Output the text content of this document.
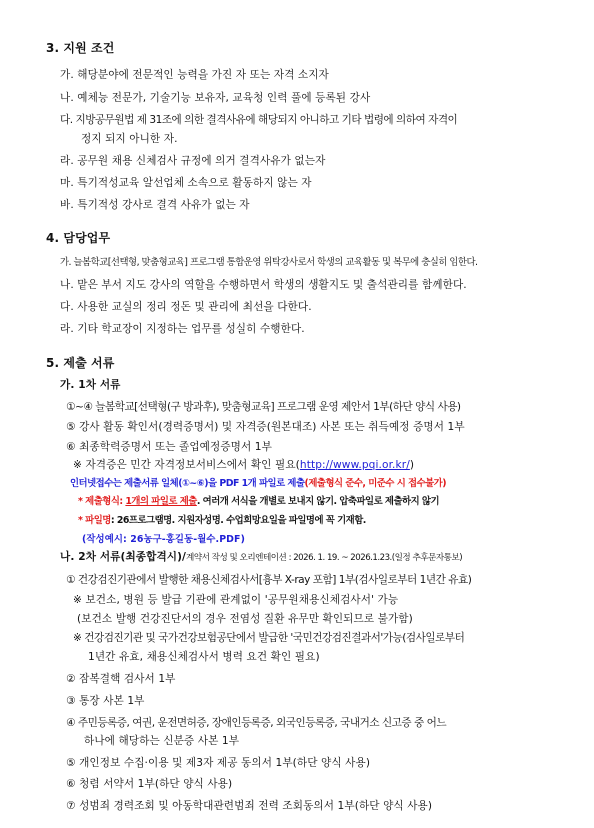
3. 지원 조건
가. 해당분야에 전문적인 능력을 가진 자 또는 자격 소지자
나. 예체능 전문가, 기술기능 보유자, 교육청 인력 풀에 등록된 강사
다. 지방공무원법 제 31조에 의한 결격사유에 해당되지 아니하고 기타 법령에 의하여 자격이
정지 되지 아니한 자.
라. 공무원 채용 신체검사 규정에 의거 결격사유가 없는자
마. 특기적성교육 알선업체 소속으로 활동하지 않는 자
바. 특기적성 강사로 결격 사유가 없는 자
4. 담당업무
가. 늘봄학교[선택형, 맞춤형교육] 프로그램 통합운영 위탁강사로서 학생의 교육활동 및 복무에 충실히 임한다.
나. 맡은 부서 지도 강사의 역할을 수행하면서 학생의 생활지도 및 출석관리를 함께한다.
다. 사용한 교실의 정리 정돈 및 관리에 최선을 다한다.
라. 기타 학교장이 지정하는 업무를 성실히 수행한다.
5. 제출 서류
가. 1차 서류
①~④ 늘봄학교[선택형(구 방과후), 맞춤형교육] 프로그램 운영 제안서 1부(하단 양식 사용)
⑤ 강사 활동 확인서(경력증명서) 및 자격증(원본대조) 사본 또는 취득예정 증명서 1부
⑥ 최종학력증명서 또는 졸업예정증명서 1부
※ 자격증은 민간 자격정보서비스에서 확인 필요(http://www.pqi.or.kr/)
인터넷접수는 제출서류 일체(①~⑥)을 PDF 1개 파일로 제출(제출형식 준수, 미준수 시 접수불가)
* 제출형식: 1개의 파일로 제출. 여러개 서식을 개별로 보내지 않기. 압축파일로 제출하지 않기
* 파일명: 26프로그램명. 지원자성명. 수업희망요일을 파일명에 꼭 기재함.
(작성예시: 26농구-홍길동-월수.PDF)
나. 2차 서류(최종합격시)/계약서 작성 및 오리엔테이션 : 2026. 1. 19. ~ 2026.1.23.(일정 추후문자통보)
① 건강검진기관에서 발행한 채용신체검사서[흉부 X-ray 포함] 1부(검사일로부터 1년간 유효)
※ 보건소, 병원 등 발급 기관에 관계없이 '공무원채용신체검사서' 가능
(보건소 발행 건강진단서의 경우 전염성 질환 유무만 확인되므로 불가함)
※ 건강검진기관 및 국가건강보험공단에서 발급한 '국민건강검진결과서'가능(검사일로부터
1년간 유효, 채용신체검사서 병력 요건 확인 필요)
② 잠복결핵 검사서 1부
③ 통장 사본 1부
④ 주민등록증, 여권, 운전면허증, 장애인등록증, 외국인등록증, 국내거소 신고증 중 어느
하나에 해당하는 신분증 사본 1부
⑤ 개인정보 수집·이용 및 제3자 제공 동의서 1부(하단 양식 사용)
⑥ 청렴 서약서 1부(하단 양식 사용)
⑦ 성범죄 경력조회 및 아동학대관련범죄 전력 조회동의서 1부(하단 양식 사용)
